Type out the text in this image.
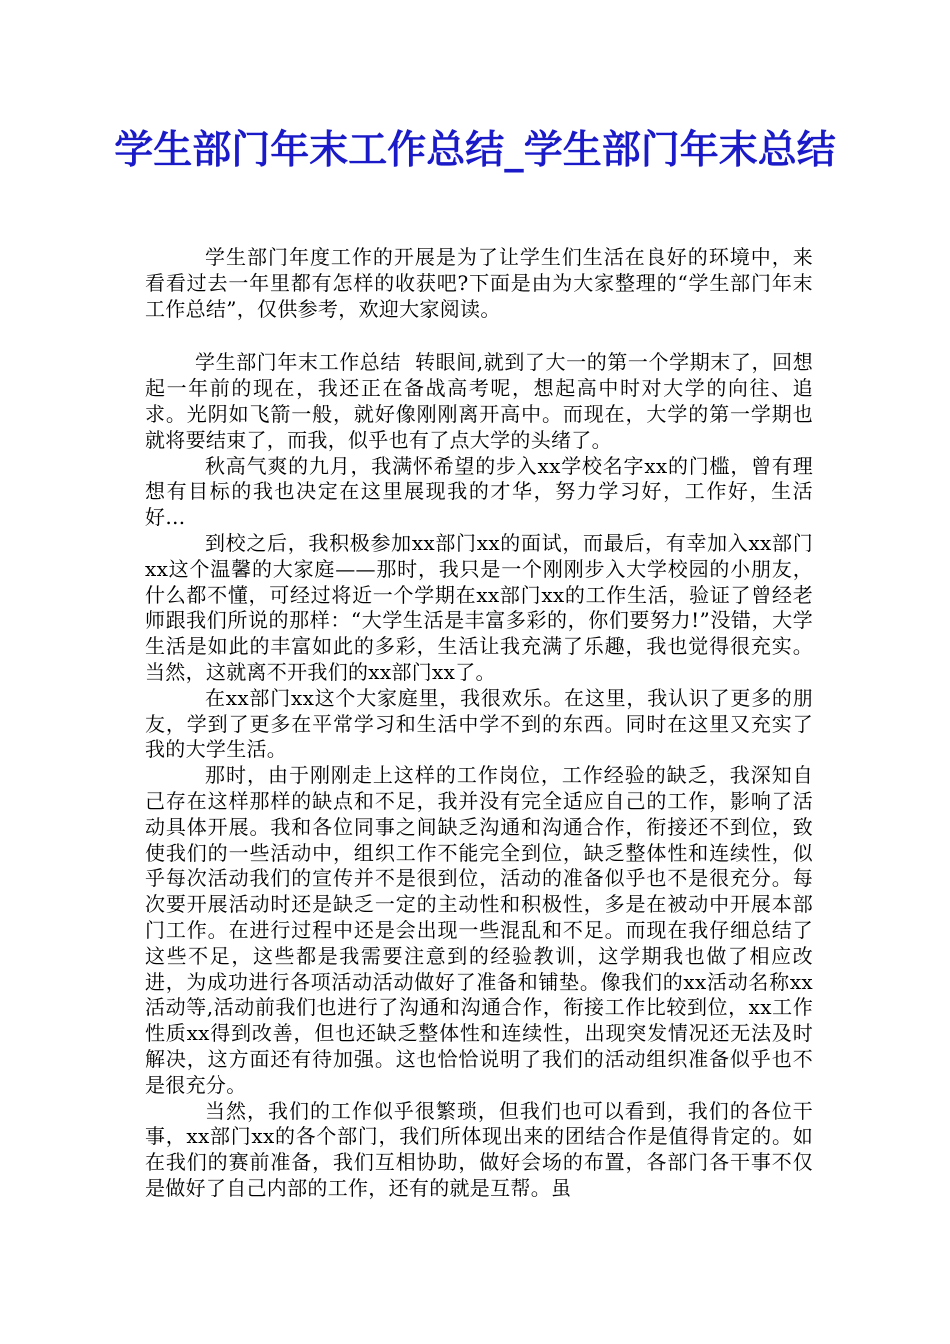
学生部门年末工作总结_学生部门年末总结

学生部门年度工作的开展是为了让学生们生活在良好的环境中，来看看过去一年里都有怎样的收获吧?下面是由为大家整理的“学生部门年末工作总结”，仅供参考，欢迎大家阅读。

学生部门年末工作总结 转眼间,就到了大一的第一个学期末了，回想起一年前的现在，我还正在备战高考呢，想起高中时对大学的向往、追求。光阴如飞箭一般，就好像刚刚离开高中。而现在，大学的第一学期也就将要结束了，而我，似乎也有了点大学的头绪了。

秋高气爽的九月，我满怀希望的步入xx学校名字xx的门槛，曾有理想有目标的我也决定在这里展现我的才华，努力学习好，工作好，生活好…

到校之后，我积极参加xx部门xx的面试，而最后，有幸加入xx部门xx这个温馨的大家庭——那时，我只是一个刚刚步入大学校园的小朋友，什么都不懂，可经过将近一个学期在xx部门xx的工作生活，验证了曾经老师跟我们所说的那样：“大学生活是丰富多彩的，你们要努力!”没错，大学生活是如此的丰富如此的多彩，生活让我充满了乐趣，我也觉得很充实。当然，这就离不开我们的xx部门xx了。

在xx部门xx这个大家庭里，我很欢乐。在这里，我认识了更多的朋友，学到了更多在平常学习和生活中学不到的东西。同时在这里又充实了我的大学生活。

那时，由于刚刚走上这样的工作岗位，工作经验的缺乏，我深知自己存在这样那样的缺点和不足，我并没有完全适应自己的工作，影响了活动具体开展。我和各位同事之间缺乏沟通和沟通合作，衔接还不到位，致使我们的一些活动中，组织工作不能完全到位，缺乏整体性和连续性，似乎每次活动我们的宣传并不是很到位，活动的准备似乎也不是很充分。每次要开展活动时还是缺乏一定的主动性和积极性，多是在被动中开展本部门工作。在进行过程中还是会出现一些混乱和不足。而现在我仔细总结了这些不足，这些都是我需要注意到的经验教训，这学期我也做了相应改进，为成功进行各项活动活动做好了准备和铺垫。像我们的xx活动名称xx活动等,活动前我们也进行了沟通和沟通合作，衔接工作比较到位，xx工作性质xx得到改善，但也还缺乏整体性和连续性，出现突发情况还无法及时解决，这方面还有待加强。这也恰恰说明了我们的活动组织准备似乎也不是很充分。

当然，我们的工作似乎很繁琐，但我们也可以看到，我们的各位干事，xx部门xx的各个部门，我们所体现出来的团结合作是值得肯定的。如在我们的赛前准备，我们互相协助，做好会场的布置，各部门各干事不仅是做好了自己内部的工作，还有的就是互帮。虽
